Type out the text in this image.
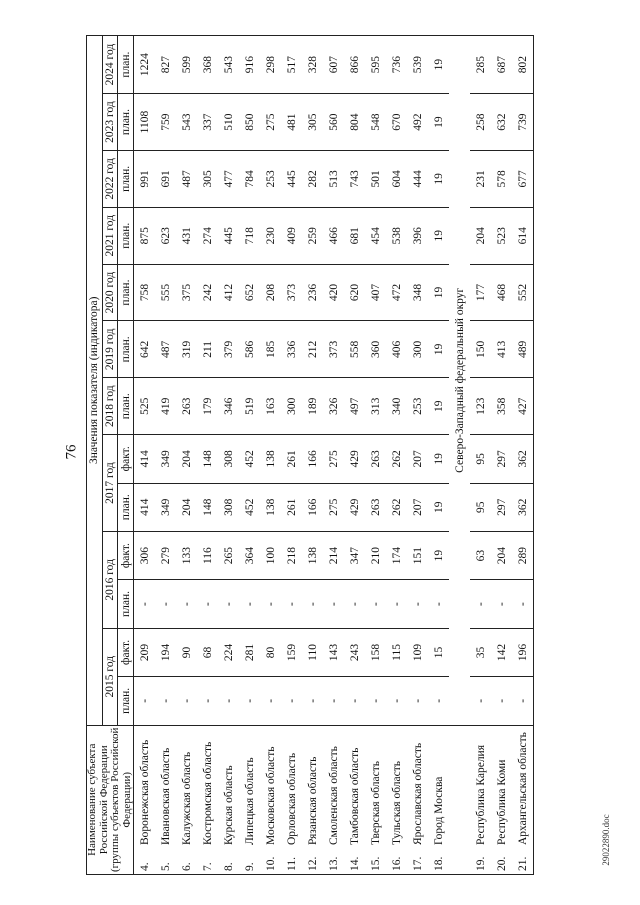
76
29022890.doc
Наименование субъекта Российской Федерации (группы субъектов Российской Федерации)	Значения показателя (индикатора)												
	2015 год		2016 год		2017 год		2018 год	2019 год	2020 год	2021 год	2022 год	2023 год	2024 год
	план.	факт.	план.	факт.	план.	факт.	план.	план.	план.	план.	план.	план.	план.
4.Воронежская область	-	209	-	306	414	414	525	642	758	875	991	1108	1224
5.Ивановская область	-	194	-	279	349	349	419	487	555	623	691	759	827
6.Калужская область	-	90	-	133	204	204	263	319	375	431	487	543	599
7.Костромская область	-	68	-	116	148	148	179	211	242	274	305	337	368
8.Курская область	-	224	-	265	308	308	346	379	412	445	477	510	543
9.Липецкая область	-	281	-	364	452	452	519	586	652	718	784	850	916
10.Московская область	-	80	-	100	138	138	163	185	208	230	253	275	298
11.Орловская область	-	159	-	218	261	261	300	336	373	409	445	481	517
12.Рязанская область	-	110	-	138	166	166	189	212	236	259	282	305	328
13.Смоленская область	-	143	-	214	275	275	326	373	420	466	513	560	607
14.Тамбовская область	-	243	-	347	429	429	497	558	620	681	743	804	866
15.Тверская область	-	158	-	210	263	263	313	360	407	454	501	548	595
16.Тульская область	-	115	-	174	262	262	340	406	472	538	604	670	736
17.Ярославская область	-	109	-	151	207	207	253	300	348	396	444	492	539
18.Город Москва	-	15	-	19	19	19	19	19	19	19	19	19	19
	Северо-Западный федеральный округ												
19.Республика Карелия	-	35	-	63	95	95	123	150	177	204	231	258	285
20.Республика Коми	-	142	-	204	297	297	358	413	468	523	578	632	687
21.Архангельская область	-	196	-	289	362	362	427	489	552	614	677	739	802
